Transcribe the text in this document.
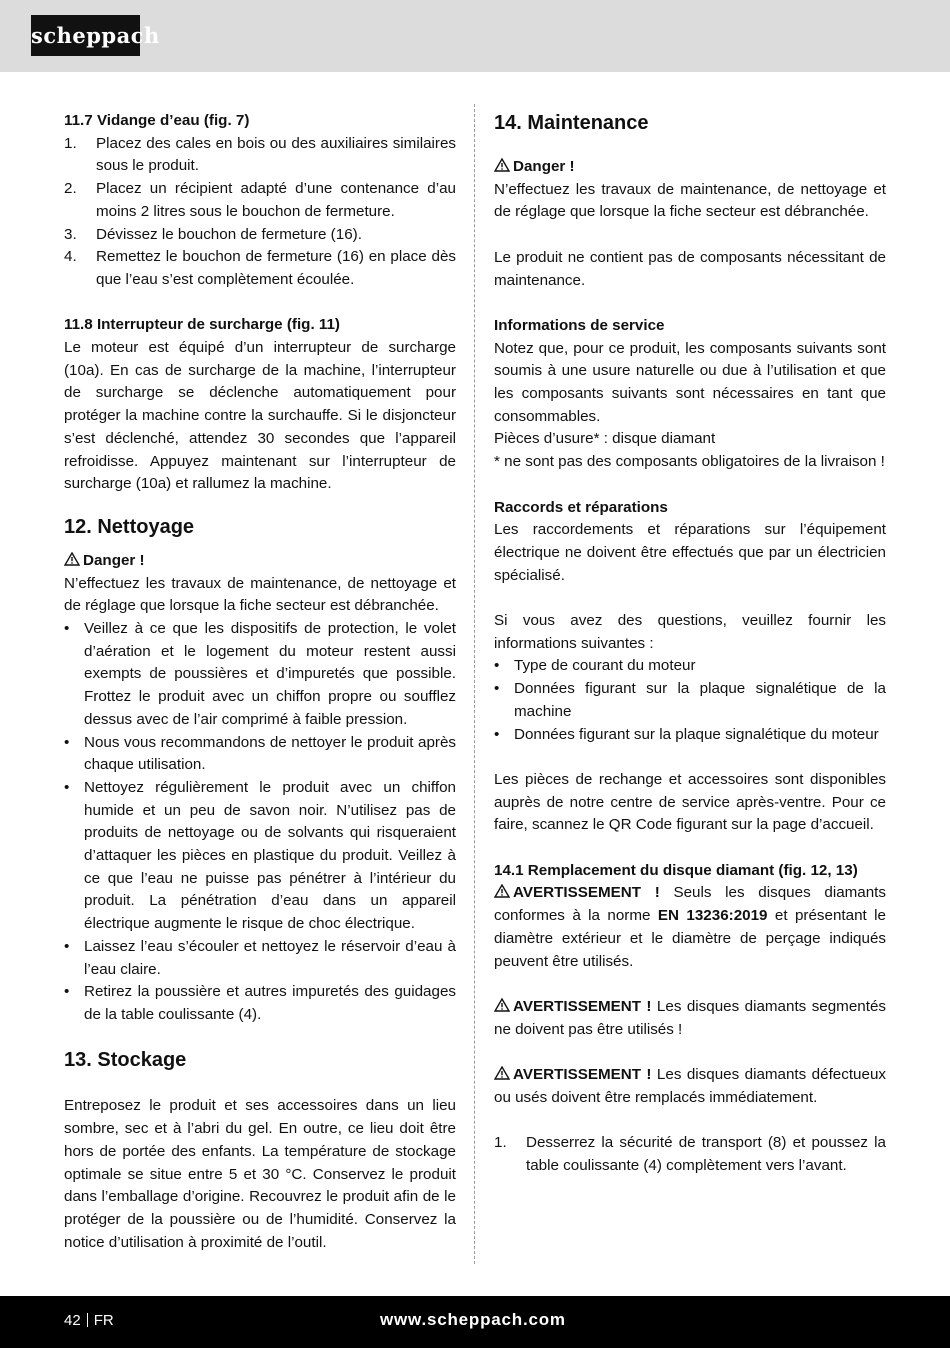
scheppach

11.7 Vidange d’eau (fig. 7)

1. Placez des cales en bois ou des auxiliaires similaires sous le produit.
2. Placez un récipient adapté d’une contenance d’au moins 2 litres sous le bouchon de fermeture.
3. Dévissez le bouchon de fermeture (16).
4. Remettez le bouchon de fermeture (16) en place dès que l’eau s’est complètement écoulée.

11.8 Interrupteur de surcharge (fig. 11)

Le moteur est équipé d’un interrupteur de surcharge (10a). En cas de surcharge de la machine, l’interrupteur de surcharge se déclenche automatiquement pour protéger la machine contre la surchauffe. Si le disjoncteur s’est déclenché, attendez 30 secondes que l’appareil refroidisse. Appuyez maintenant sur l’interrupteur de surcharge (10a) et rallumez la machine.

12. Nettoyage

Danger !

N’effectuez les travaux de maintenance, de nettoyage et de réglage que lorsque la fiche secteur est débranchée.

• Veillez à ce que les dispositifs de protection, le volet d’aération et le logement du moteur restent aussi exempts de poussières et d’impuretés que possible. Frottez le produit avec un chiffon propre ou soufflez dessus avec de l’air comprimé à faible pression.
• Nous vous recommandons de nettoyer le produit après chaque utilisation.
• Nettoyez régulièrement le produit avec un chiffon humide et un peu de savon noir. N’utilisez pas de produits de nettoyage ou de solvants qui risqueraient d’attaquer les pièces en plastique du produit. Veillez à ce que l’eau ne puisse pas pénétrer à l’intérieur du produit. La pénétration d’eau dans un appareil électrique augmente le risque de choc électrique.
• Laissez l’eau s’écouler et nettoyez le réservoir d’eau à l’eau claire.
• Retirez la poussière et autres impuretés des guidages de la table coulissante (4).

13. Stockage

Entreposez le produit et ses accessoires dans un lieu sombre, sec et à l’abri du gel. En outre, ce lieu doit être hors de portée des enfants. La température de stockage optimale se situe entre 5 et 30 °C. Conservez le produit dans l’emballage d’origine. Recouvrez le produit afin de le protéger de la poussière ou de l’humidité. Conservez la notice d’utilisation à proximité de l’outil.

14. Maintenance

Danger !

N’effectuez les travaux de maintenance, de nettoyage et de réglage que lorsque la fiche secteur est débranchée.

Le produit ne contient pas de composants nécessitant de maintenance.

Informations de service

Notez que, pour ce produit, les composants suivants sont soumis à une usure naturelle ou due à l’utilisation et que les composants suivants sont nécessaires en tant que consommables.

Pièces d’usure* : disque diamant

* ne sont pas des composants obligatoires de la livraison !

Raccords et réparations

Les raccordements et réparations sur l’équipement électrique ne doivent être effectués que par un électricien spécialisé.

Si vous avez des questions, veuillez fournir les informations suivantes :

• Type de courant du moteur
• Données figurant sur la plaque signalétique de la machine
• Données figurant sur la plaque signalétique du moteur

Les pièces de rechange et accessoires sont disponibles auprès de notre centre de service après-ventre. Pour ce faire, scannez le QR Code figurant sur la page d’accueil.

14.1 Remplacement du disque diamant (fig. 12, 13)

AVERTISSEMENT ! Seuls les disques diamants conformes à la norme EN 13236:2019 et présentant le diamètre extérieur et le diamètre de perçage indiqués peuvent être utilisés.

AVERTISSEMENT ! Les disques diamants segmentés ne doivent pas être utilisés !

AVERTISSEMENT ! Les disques diamants défectueux ou usés doivent être remplacés immédiatement.

1. Desserrez la sécurité de transport (8) et poussez la table coulissante (4) complètement vers l’avant.
42 FR	www.scheppach.com
